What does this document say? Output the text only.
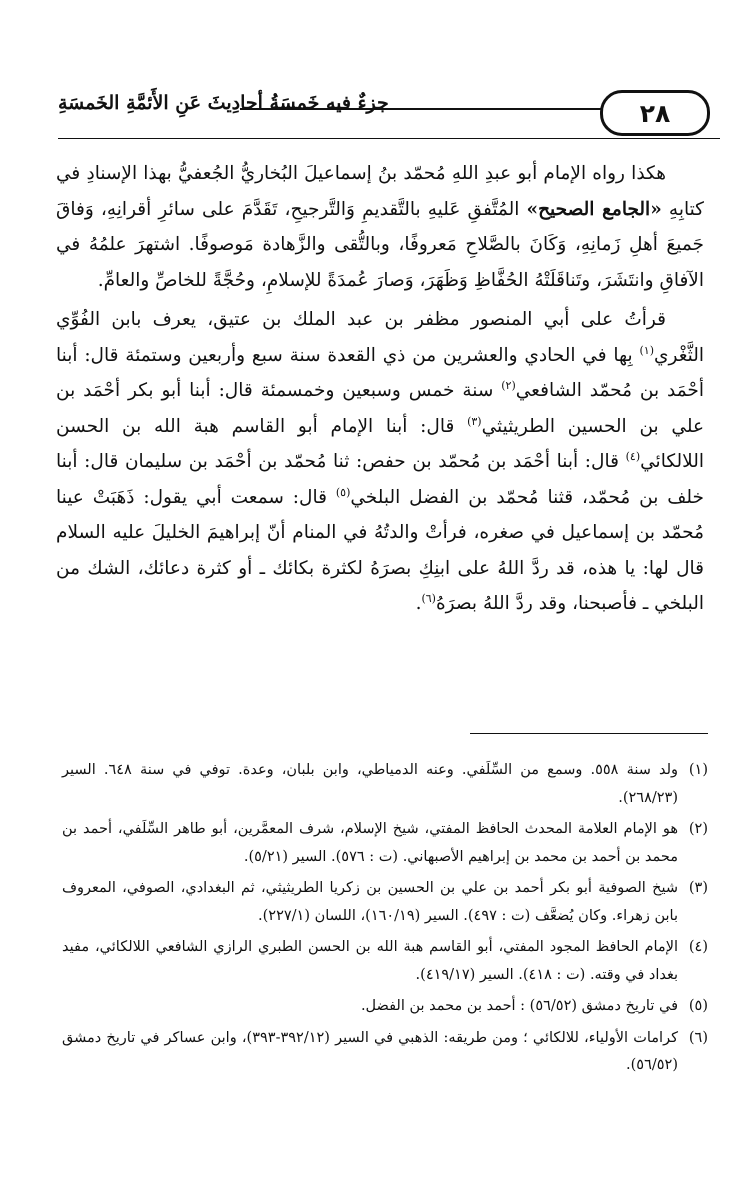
٢٨
جزءٌ فيه خَمسَةُ أحادِيثَ عَنِ الأَئمَّةِ الخَمسَةِ

هكذا رواه الإمام أبو عبدِ اللهِ مُحمّد بنُ إسماعيلَ البُخاريُّ الجُعفيُّ بهذا الإسنادِ في كتابِهِ «الجامع الصحيح» المُتَّفقِ عَليهِ بالتَّقديمِ وَالتَّرجيحِ، تَقَدَّمَ على سائرِ أقرانِهِ، وَفاقَ جَميعَ أهلِ زَمانِهِ، وَكَانَ بالصَّلاحِ مَعروفًا، وبالتُّقى والزَّهادة مَوصوفًا. اشتهرَ علمُهُ في الآفاقِ وانتَشَرَ، وتَناقَلَتْهُ الحُفَّاظِ وَظَهَرَ، وَصارَ عُمدَةً للإسلامِ، وحُجَّةً للخاصِّ والعامِّ.

قرأتُ على أبي المنصور مظفر بن عبد الملك بن عتيق، يعرف بابن الفُوِّي الثَّغْري$^{(١)}$ بِها في الحادي والعشرين من ذي القعدة سنة سبع وأربعين وستمئة قال: أبنا أحْمَد بن مُحمّد الشافعي$^{(٢)}$ سنة خمس وسبعين وخمسمئة قال: أبنا أبو بكر أحْمَد بن علي بن الحسين الطريثيثي$^{(٣)}$ قال: أبنا الإمام أبو القاسم هبة الله بن الحسن اللالكائي$^{(٤)}$ قال: أبنا أحْمَد بن مُحمّد بن حفص: ثنا مُحمّد بن أحْمَد بن سليمان قال: أبنا خلف بن مُحمّد، قثنا مُحمّد بن الفضل البلخي$^{(٥)}$ قال: سمعت أبي يقول: ذَهَبَتْ عينا مُحمّد بن إسماعيل في صغره، فرأتْ والدتُهُ في المنام أنّ إبراهيمَ الخليلَ عليه السلام قال لها: يا هذه، قد ردَّ اللهُ على ابنِكِ بصرَهُ لكثرة بكائك ـ أو كثرة دعائك، الشك من البلخي ـ فأصبحنا، وقد ردَّ اللهُ بصرَهُ$^{(٦)}$.

(١)
ولد سنة ٥٥٨. وسمع من السِّلَفي. وعنه الدمياطي، وابن بلبان، وعدة. توفي في سنة ٦٤٨. السير (٢٦٨/٢٣).
(٢)
هو الإمام العلامة المحدث الحافظ المفتي، شيخ الإسلام، شرف المعمَّرين، أبو طاهر السِّلَفي، أحمد بن محمد بن أحمد بن محمد بن إبراهيم الأصبهاني. (ت : ٥٧٦). السير (٥/٢١).
(٣)
شيخ الصوفية أبو بكر أحمد بن علي بن الحسين بن زكريا الطريثيثي، ثم البغدادي، الصوفي، المعروف بابن زهراء. وكان يُضعَّف (ت : ٤٩٧). السير (١٦٠/١٩)، اللسان (٢٢٧/١).
(٤)
الإمام الحافظ المجود المفتي، أبو القاسم هبة الله بن الحسن الطبري الرازي الشافعي اللالكائي، مفيد بغداد في وقته. (ت : ٤١٨). السير (٤١٩/١٧).
(٥)
في تاريخ دمشق (٥٦/٥٢) : أحمد بن محمد بن الفضل.
(٦)
كرامات الأولياء، للالكائي ؛ ومن طريقه: الذهبي في السير (٣٩٢/١٢-٣٩٣)، وابن عساكر في تاريخ دمشق (٥٦/٥٢).
